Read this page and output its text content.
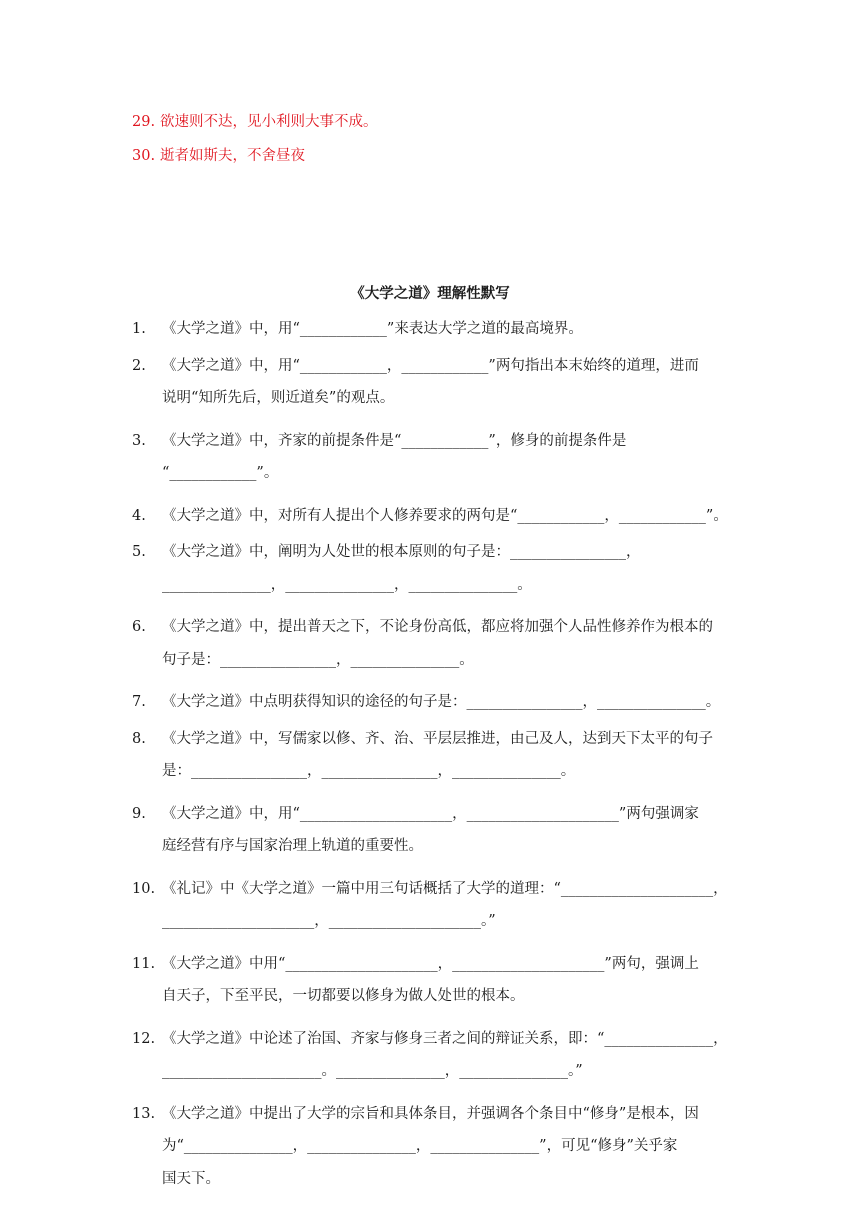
29. 欲速则不达，见小利则大事不成。
30. 逝者如斯夫，不舍昼夜
《大学之道》理解性默写
1. 《大学之道》中，用“____________”来表达大学之道的最高境界。
2. 《大学之道》中，用“____________，____________”两句指出本末始终的道理，进而
说明“知所先后，则近道矣”的观点。
3. 《大学之道》中，齐家的前提条件是“____________”，修身的前提条件是
“____________”。
4. 《大学之道》中，对所有人提出个人修养要求的两句是“____________，____________”。
5. 《大学之道》中，阐明为人处世的根本原则的句子是：________________，
_______________，_______________，_______________。
6. 《大学之道》中，提出普天之下，不论身份高低，都应将加强个人品性修养作为根本的
句子是：________________，_______________。
7. 《大学之道》中点明获得知识的途径的句子是：________________，_______________。
8. 《大学之道》中，写儒家以修、齐、治、平层层推进，由己及人，达到天下太平的句子
是：________________，________________，_______________。
9. 《大学之道》中，用“_____________________，_____________________”两句强调家
庭经营有序与国家治理上轨道的重要性。
10. 《礼记》中《大学之道》一篇中用三句话概括了大学的道理：“_____________________，
_____________________，_____________________。”
11. 《大学之道》中用“_____________________，_____________________”两句，强调上
自天子，下至平民，一切都要以修身为做人处世的根本。
12. 《大学之道》中论述了治国、齐家与修身三者之间的辩证关系，即：“_______________，
______________________。_______________，_______________。”
13. 《大学之道》中提出了大学的宗旨和具体条目，并强调各个条目中“修身”是根本，因
为“_______________，_______________，_______________”，可见“修身”关乎家
国天下。
